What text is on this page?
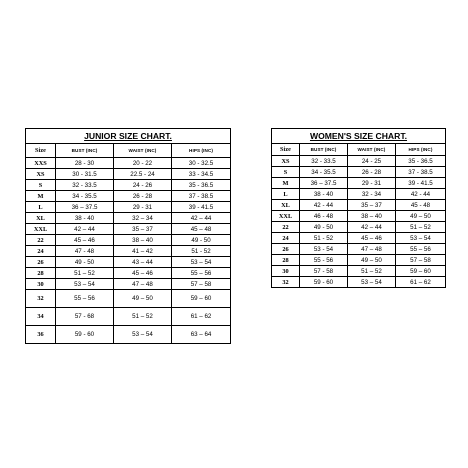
JUNIOR SIZE CHART.			
Size	BUST (INC)	WAIST (INC)	HIPS (INC)
XXS	28 - 30	20 - 22	30 - 32.5
XS	30 - 31.5	22.5 - 24	33 - 34.5
S	32 - 33.5	24 - 26	35 - 36.5
M	34 - 35.5	26 - 28	37 - 38.5
L	36 – 37.5	29 - 31	39 - 41.5
XL	38 - 40	32 – 34	42 – 44
XXL	42 – 44	35 – 37	45 – 48
22	45 – 46	38 – 40	49 - 50
24	47 - 48	41 – 42	51 - 52
26	49 - 50	43 – 44	53 – 54
28	51 – 52	45 – 46	55 – 56
30	53 – 54	47 – 48	57 – 58
32	55 – 56	49 – 50	59 – 60
34	57 - 68	51 – 52	61 – 62
36	59 - 60	53 – 54	63 – 64
WOMEN'S SIZE CHART.			
Size	BUST (INC)	WAIST (INC)	HIPS (INC)
XS	32 - 33.5	24 - 25	35 - 36.5
S	34 - 35.5	26 - 28	37 - 38.5
M	36 – 37.5	29 - 31	39 - 41.5
L	38 - 40	32 - 34	42 - 44
XL	42 - 44	35 – 37	45 - 48
XXL	46 - 48	38 – 40	49 – 50
22	49 - 50	42 – 44	51 – 52
24	51 - 52	45 – 46	53 – 54
26	53 - 54	47 – 48	55 – 56
28	55 - 56	49 – 50	57 – 58
30	57 - 58	51 – 52	59 – 60
32	59 - 60	53 – 54	61 – 62
